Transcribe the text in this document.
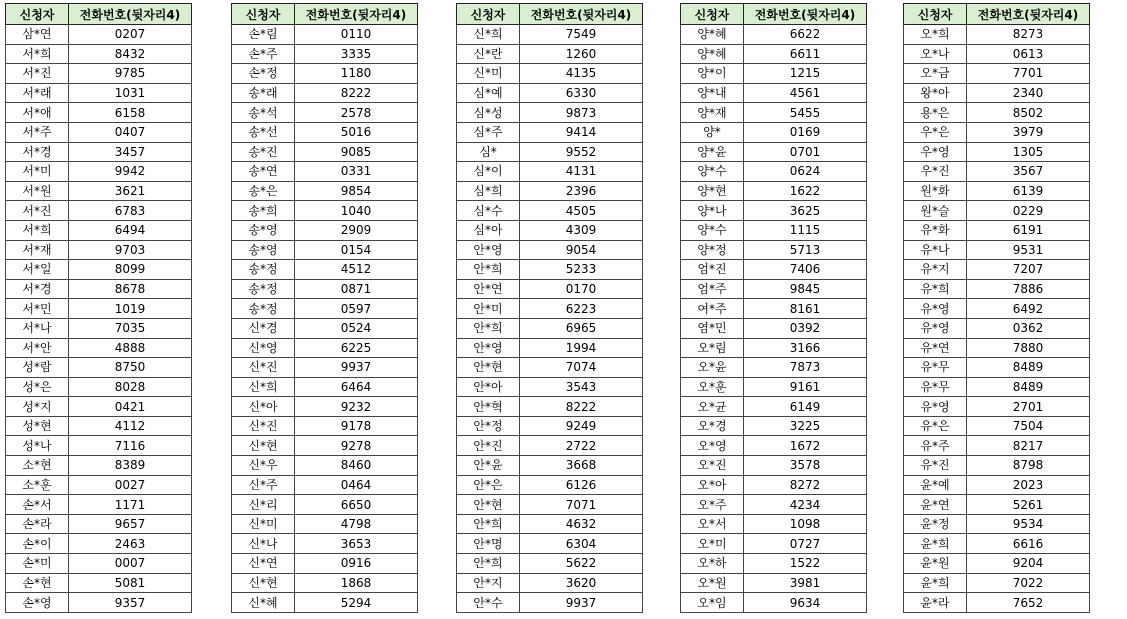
신청자	전화번호(뒷자리4)
삼*연	0207
서*희	8432
서*진	9785
서*래	1031
서*애	6158
서*주	0407
서*경	3457
서*미	9942
서*원	3621
서*진	6783
서*희	6494
서*재	9703
서*일	8099
서*경	8678
서*민	1019
서*나	7035
서*안	4888
성*람	8750
성*은	8028
성*지	0421
성*현	4112
성*나	7116
소*현	8389
소*훈	0027
손*서	1171
손*라	9657
손*이	2463
손*미	0007
손*현	5081
손*영	9357
신청자	전화번호(뒷자리4)
손*림	0110
손*주	3335
손*정	1180
송*래	8222
송*석	2578
송*선	5016
송*진	9085
송*연	0331
송*은	9854
송*희	1040
송*영	2909
송*영	0154
송*정	4512
송*정	0871
송*정	0597
신*경	0524
신*영	6225
신*진	9937
신*희	6464
신*아	9232
신*진	9178
신*현	9278
신*우	8460
신*주	0464
신*리	6650
신*미	4798
신*나	3653
신*연	0916
신*현	1868
신*혜	5294
신청자	전화번호(뒷자리4)
신*희	7549
신*란	1260
신*미	4135
심*예	6330
심*성	9873
심*주	9414
심*	9552
심*이	4131
심*희	2396
심*수	4505
심*아	4309
안*영	9054
안*희	5233
안*연	0170
안*미	6223
안*희	6965
안*영	1994
안*현	7074
안*아	3543
안*혁	8222
안*정	9249
안*진	2722
안*윤	3668
안*은	6126
안*현	7071
안*희	4632
안*명	6304
안*희	5622
안*지	3620
안*수	9937
신청자	전화번호(뒷자리4)
양*혜	6622
양*혜	6611
양*이	1215
양*내	4561
양*재	5455
양*	0169
양*윤	0701
양*수	0624
양*현	1622
양*나	3625
양*수	1115
양*정	5713
엄*진	7406
엄*주	9845
여*주	8161
염*민	0392
오*림	3166
오*윤	7873
오*훈	9161
오*균	6149
오*경	3225
오*영	1672
오*진	3578
오*아	8272
오*주	4234
오*서	1098
오*미	0727
오*하	1522
오*원	3981
오*임	9634
신청자	전화번호(뒷자리4)
오*희	8273
오*나	0613
오*금	7701
왕*아	2340
용*은	8502
우*은	3979
우*영	1305
우*진	3567
원*화	6139
원*슬	0229
유*화	6191
유*나	9531
유*지	7207
유*희	7886
유*영	6492
유*영	0362
유*연	7880
유*무	8489
유*무	8489
유*영	2701
유*은	7504
유*주	8217
유*진	8798
윤*예	2023
윤*연	5261
윤*정	9534
윤*희	6616
윤*원	9204
윤*희	7022
윤*라	7652
